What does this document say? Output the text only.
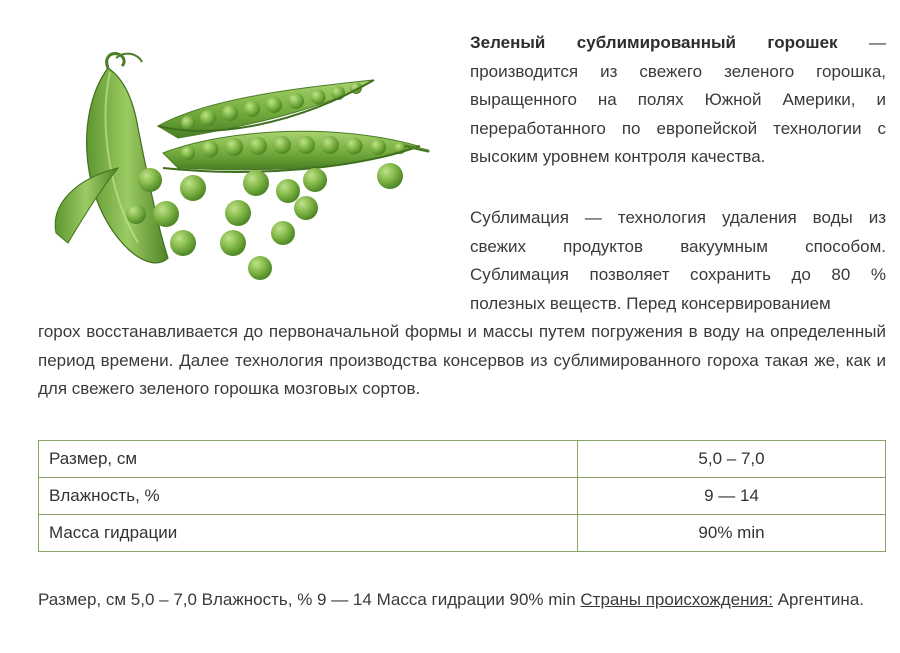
Зеленый сублимированный горошек — производится из свежего зеленого горошка, выращенного на полях Южной Америки, и переработанного по европейской технологии с высоким уровнем контроля качества.

Сублимация — технология удаления воды из свежих продуктов вакуумным способом. Сублимация позволяет сохранить до 80 % полезных веществ. Перед консервированием

горох восстанавливается до первоначальной формы и массы путем погружения в воду на определенный период времени. Далее технология производства консервов из сублимированного гороха такая же, как и для свежего зеленого горошка мозговых сортов.

Размер, см	5,0 – 7,0
Влажность, %	9 — 14
Масса гидрации	90% min

Размер, см 5,0 – 7,0 Влажность, % 9 — 14 Масса гидрации 90% min Страны происхождения: Аргентина.
